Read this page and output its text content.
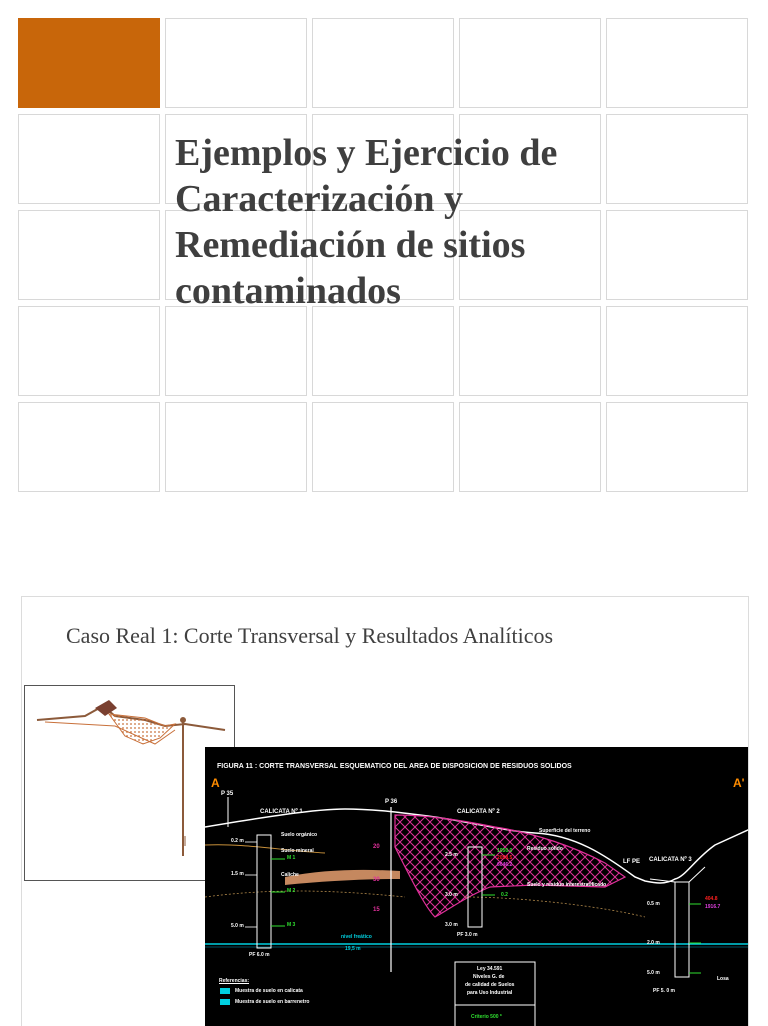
Ejemplos y Ejercicio de
Caracterización y
Remediación de sitios
contaminados
Caso Real 1: Corte Transversal y Resultados Analíticos
FIGURA 11 : CORTE TRANSVERSAL ESQUEMATICO DEL AREA DE DISPOSICION DE RESIDUOS SOLIDOS
A	A'
P 35
P 36
CALICATA Nº 1	CALICATA Nº 2
CALICATA Nº 3
LF PE
Suelo orgánico
Suelo mineral
Caliche
Superficie del terreno
Residuo sólido
Suelo y residuo interestratificado
nivel freático
19,5 m
0.2 m
1.5 m
5.0 m
2.5 m
3.0 m
3.0 m
0.5 m
2.0 m
5.0 m
PF 6.0 m
PF 3.0 m
PF 5. 0 m
M 1
M 2
M 3
20
30
15
1050.0
2058.5
6046.2
404.8
1916.7
0.2
Losa
Referencias:
Muestra de suelo en calicata
Muestra de suelo en barrenetro
Ley 34.591
Niveles G. de
de calidad de Suelos
para Uso Industrial
Criterio 500 *
